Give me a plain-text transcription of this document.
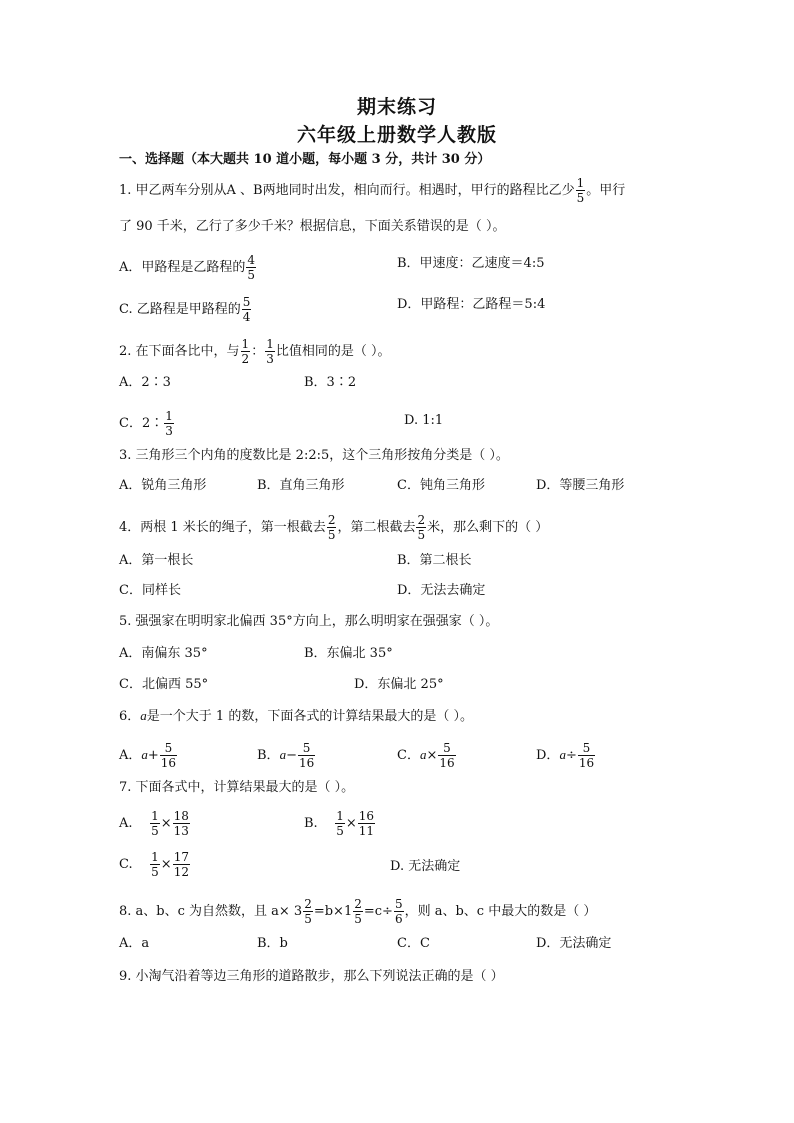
期末练习
六年级上册数学人教版
一、选择题（本大题共 10 道小题，每小题 3 分，共计 30 分）
1. 甲乙两车分别从A 、B两地同时出发，相向而行。相遇时，甲行的路程比乙少 $\frac{1}{5}$ 。甲行
了 90 千米，乙行了多少千米？根据信息，下面关系错误的是（ ）。
A．甲路程是乙路程的 $\frac{4}{5}$	B．甲速度：乙速度＝4:5
C. 乙路程是甲路程的 $\frac{5}{4}$	D．甲路程：乙路程＝5:4
2. 在下面各比中，与 $\frac{1}{2}$ ： $\frac{1}{3}$ 比值相同的是（ ）。
A．2∶3	B．3∶2
C．2∶ $\frac{1}{3}$	D. 1:1
3. 三角形三个内角的度数比是 2:2:5，这个三角形按角分类是（ ）。
A．锐角三角形	B．直角三角形	C．钝角三角形	D．等腰三角形
4．两根 1 米长的绳子，第一根截去 $\frac{2}{5}$ ，第二根截去 $\frac{2}{5}$ 米，那么剩下的（ ）
A．第一根长	B．第二根长
C．同样长	D．无法去确定
5. 强强家在明明家北偏西 35°方向上，那么明明家在强强家（ ）。
A．南偏东 35°	B．东偏北 35°
C．北偏西 55°	D．东偏北 25°
6．a是一个大于 1 的数，下面各式的计算结果最大的是（ ）。
A．$a+ \frac{5}{16}$	B．$a- \frac{5}{16}$	C．$a\times \frac{5}{16}$	D．$a\div \frac{5}{16}$
7. 下面各式中，计算结果最大的是（ ）。
A. $\frac{1}{5} \times \frac{18}{13}$	B. $\frac{1}{5} \times \frac{16}{11}$
C. $\frac{1}{5} \times \frac{17}{12}$	D. 无法确定
8. a、b、c 为自然数，且 $a\times 3 \frac{2}{5} =b\times 1 \frac{2}{5} =c\div \frac{5}{6}$ ，则 a、b、c 中最大的数是（ ）
A．a	B．b	C．C	D．无法确定
9. 小淘气沿着等边三角形的道路散步，那么下列说法正确的是（ ）
